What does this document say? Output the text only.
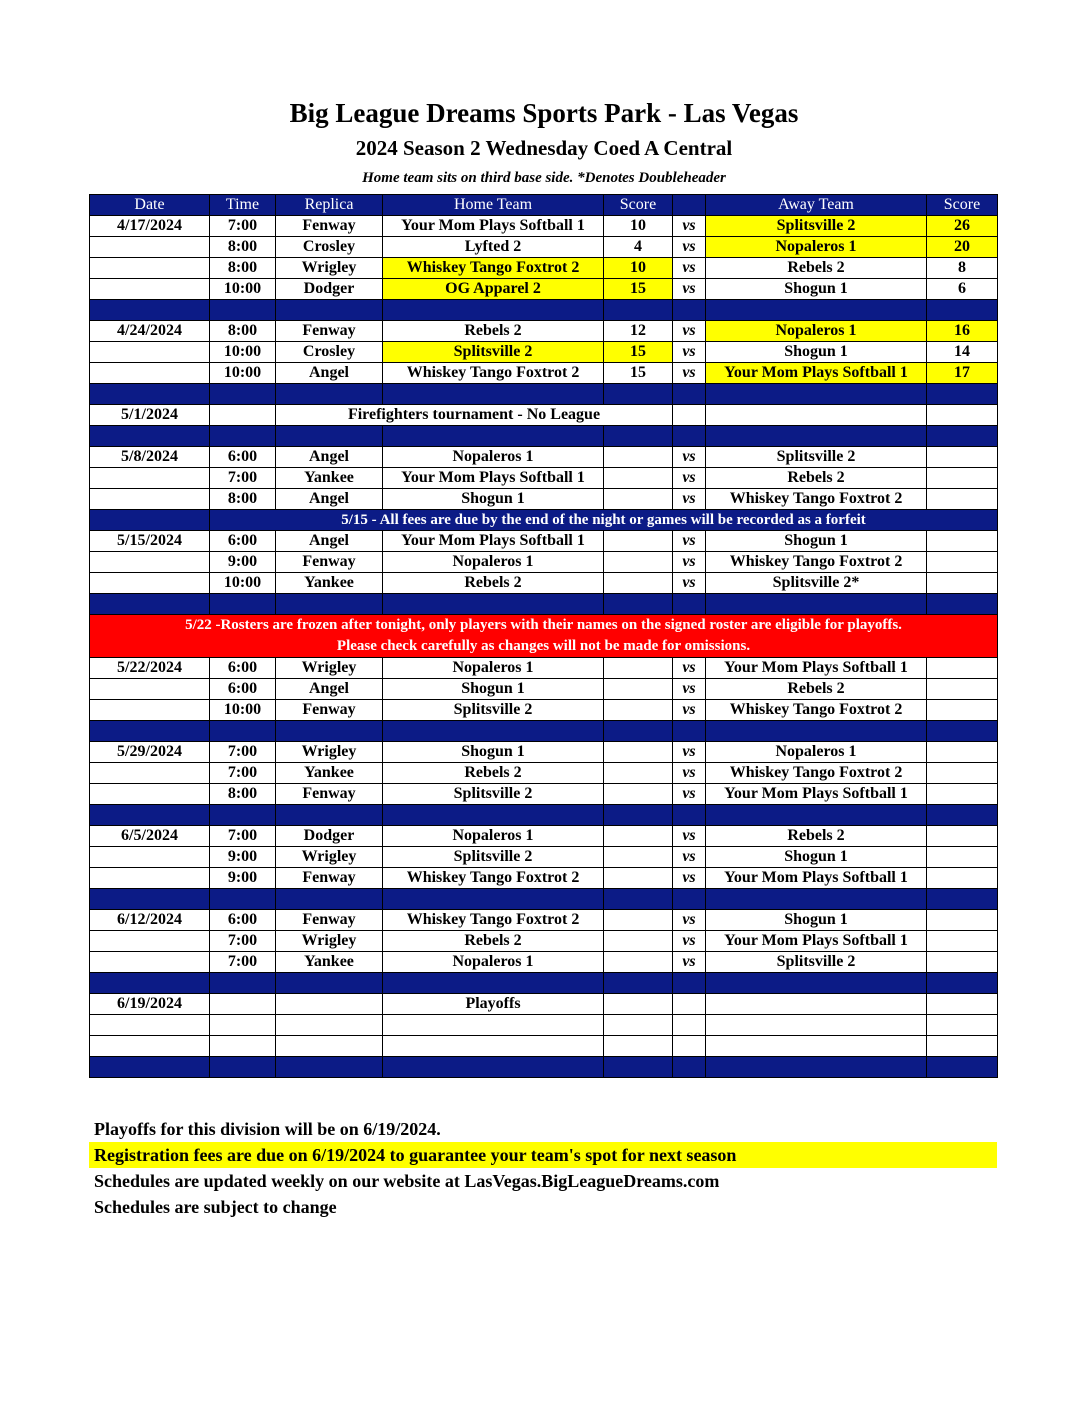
Big League Dreams Sports Park - Las Vegas
2024 Season 2 Wednesday Coed A Central
Home team sits on third base side. *Denotes Doubleheader
Date	Time	Replica	Home Team	Score		Away Team	Score
4/17/2024	7:00	Fenway	Your Mom Plays Softball 1	10	vs	Splitsville 2	26
	8:00	Crosley	Lyfted 2	4	vs	Nopaleros 1	20
	8:00	Wrigley	Whiskey Tango Foxtrot 2	10	vs	Rebels 2	8
	10:00	Dodger	OG Apparel 2	15	vs	Shogun 1	6

4/24/2024	8:00	Fenway	Rebels 2	12	vs	Nopaleros 1	16
	10:00	Crosley	Splitsville 2	15	vs	Shogun 1	14
	10:00	Angel	Whiskey Tango Foxtrot 2	15	vs	Your Mom Plays Softball 1	17

5/1/2024		Firefighters tournament - No League					

5/8/2024	6:00	Angel	Nopaleros 1		vs	Splitsville 2	
	7:00	Yankee	Your Mom Plays Softball 1		vs	Rebels 2	
	8:00	Angel	Shogun 1		vs	Whiskey Tango Foxtrot 2	
	5/15 - All fees are due by the end of the night or games will be recorded as a forfeit						
5/15/2024	6:00	Angel	Your Mom Plays Softball 1		vs	Shogun 1	
	9:00	Fenway	Nopaleros 1		vs	Whiskey Tango Foxtrot 2	
	10:00	Yankee	Rebels 2		vs	Splitsville 2*	

5/22 -Rosters are frozen after tonight, only players with their names on the signed roster are eligible for playoffs.
Please check carefully as changes will not be made for omissions.							

5/22/2024	6:00	Wrigley	Nopaleros 1		vs	Your Mom Plays Softball 1	
	6:00	Angel	Shogun 1		vs	Rebels 2	
	10:00	Fenway	Splitsville 2		vs	Whiskey Tango Foxtrot 2	

5/29/2024	7:00	Wrigley	Shogun 1		vs	Nopaleros 1	
	7:00	Yankee	Rebels 2		vs	Whiskey Tango Foxtrot 2	
	8:00	Fenway	Splitsville 2		vs	Your Mom Plays Softball 1	

6/5/2024	7:00	Dodger	Nopaleros 1		vs	Rebels 2	
	9:00	Wrigley	Splitsville 2		vs	Shogun 1	
	9:00	Fenway	Whiskey Tango Foxtrot 2		vs	Your Mom Plays Softball 1	

6/12/2024	6:00	Fenway	Whiskey Tango Foxtrot 2		vs	Shogun 1	
	7:00	Wrigley	Rebels 2		vs	Your Mom Plays Softball 1	
	7:00	Yankee	Nopaleros 1		vs	Splitsville 2	

6/19/2024			Playoffs				

Playoffs for this division will be on 6/19/2024.
Registration fees are due on 6/19/2024 to guarantee your team's spot for next season
Schedules are updated weekly on our website at LasVegas.BigLeagueDreams.com
Schedules are subject to change
